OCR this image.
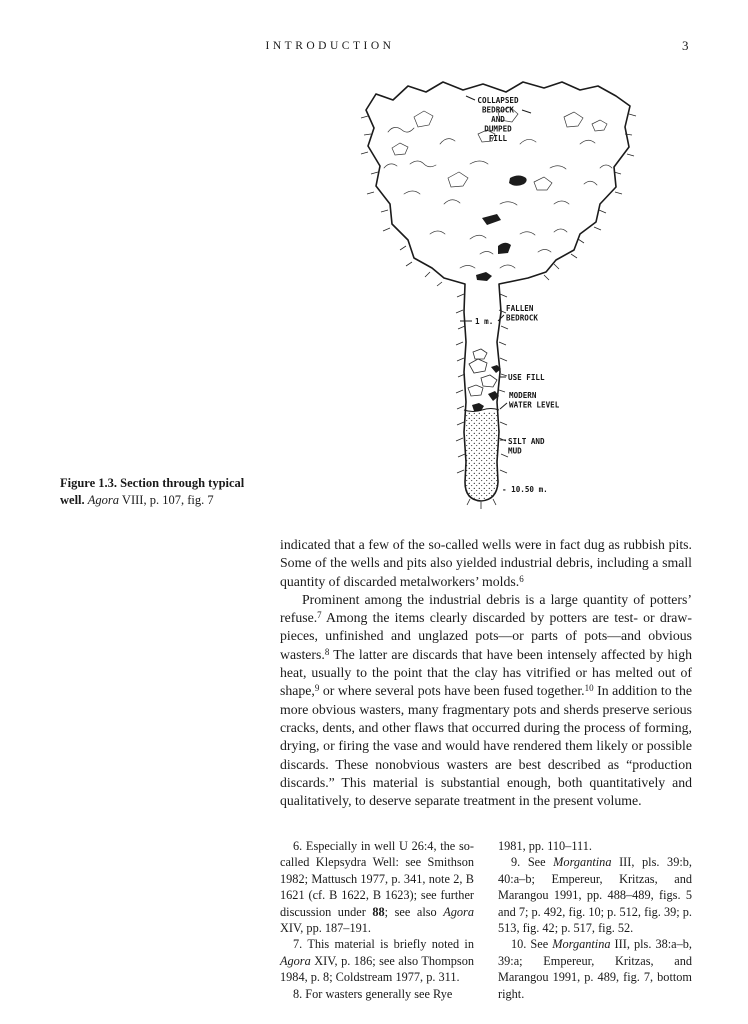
INTRODUCTION	3
COLLAPSED
BEDROCK
AND
DUMPED
FILL
FALLEN
BEDROCK
1 m.
USE FILL
MODERN
WATER LEVEL
SILT AND
MUD
- 10.50 m.
Figure 1.3. Section through typical well. Agora VIII, p. 107, fig. 7

indicated that a few of the so-called wells were in fact dug as rubbish pits. Some of the wells and pits also yielded industrial debris, including a small quantity of discarded metalworkers’ molds.$^6$

Prominent among the industrial debris is a large quantity of potters’ refuse.$^7$ Among the items clearly discarded by potters are test- or draw-pieces, unfinished and unglazed pots—or parts of pots—and obvious wasters.$^8$ The latter are discards that have been intensely affected by high heat, usually to the point that the clay has vitrified or has melted out of shape,$^9$ or where several pots have been fused together.$^{10}$ In addition to the more obvious wasters, many fragmentary pots and sherds preserve serious cracks, dents, and other flaws that occurred during the process of forming, drying, or firing the vase and would have rendered them likely or possible discards. These nonobvious wasters are best described as “production discards.” This material is substantial enough, both quantitatively and qualitatively, to deserve separate treatment in the present volume.

6. Especially in well U 26:4, the so-called Klepsydra Well: see Smithson 1982; Mattusch 1977, p. 341, note 2, B 1621 (cf. B 1622, B 1623); see further discussion under 88; see also Agora XIV, pp. 187–191.

7. This material is briefly noted in Agora XIV, p. 186; see also Thompson 1984, p. 8; Coldstream 1977, p. 311.

8. For wasters generally see Rye

1981, pp. 110–111.

9. See Morgantina III, pls. 39:b, 40:a–b; Empereur, Kritzas, and Marangou 1991, pp. 488–489, figs. 5 and 7; p. 492, fig. 10; p. 512, fig. 39; p. 513, fig. 42; p. 517, fig. 52.

10. See Morgantina III, pls. 38:a–b, 39:a; Empereur, Kritzas, and Marangou 1991, p. 489, fig. 7, bottom right.
